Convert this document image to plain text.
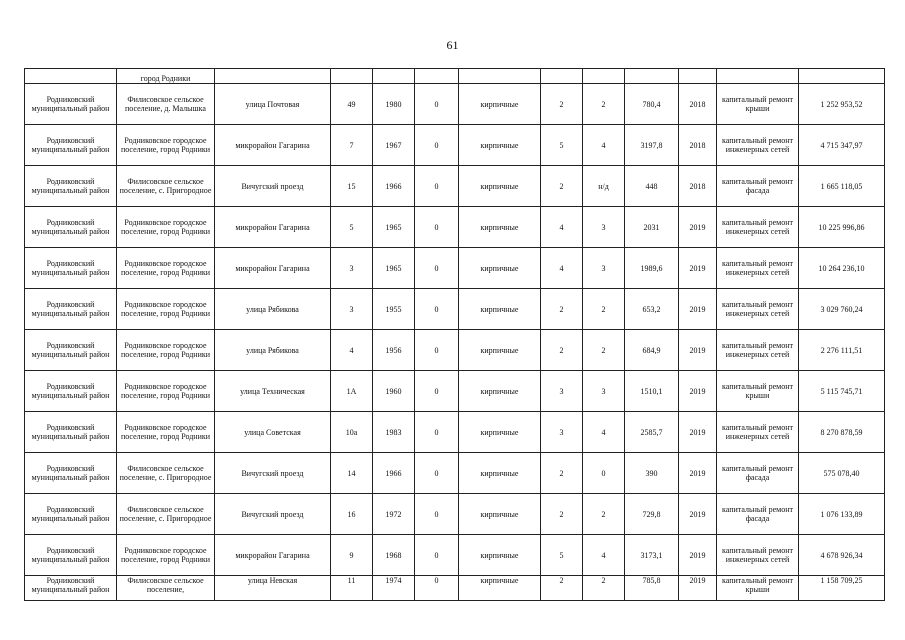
61
	город Родники											
Родниковский муниципальный район	Филисовское сельское поселение, д. Малышка	улица Почтовая	49	1980	0	кирпичные	2	2	780,4	2018	капитальный ремонт крыши	1 252 953,52
Родниковский муниципальный район	Родниковское городское поселение, город Родники	микрорайон Гагарина	7	1967	0	кирпичные	5	4	3197,8	2018	капитальный ремонт инженерных сетей	4 715 347,97
Родниковский муниципальный район	Филисовское сельское поселение, с. Пригородное	Вичугский проезд	15	1966	0	кирпичные	2	н/д	448	2018	капитальный ремонт фасада	1 665 118,05
Родниковский муниципальный район	Родниковское городское поселение, город Родники	микрорайон Гагарина	5	1965	0	кирпичные	4	3	2031	2019	капитальный ремонт инженерных сетей	10 225 996,86
Родниковский муниципальный район	Родниковское городское поселение, город Родники	микрорайон Гагарина	3	1965	0	кирпичные	4	3	1989,6	2019	капитальный ремонт инженерных сетей	10 264 236,10
Родниковский муниципальный район	Родниковское городское поселение, город Родники	улица Рябикова	3	1955	0	кирпичные	2	2	653,2	2019	капитальный ремонт инженерных сетей	3 029 760,24
Родниковский муниципальный район	Родниковское городское поселение, город Родники	улица Рябикова	4	1956	0	кирпичные	2	2	684,9	2019	капитальный ремонт инженерных сетей	2 276 111,51
Родниковский муниципальный район	Родниковское городское поселение, город Родники	улица Техническая	1А	1960	0	кирпичные	3	3	1510,1	2019	капитальный ремонт крыши	5 115 745,71
Родниковский муниципальный район	Родниковское городское поселение, город Родники	улица Советская	10а	1983	0	кирпичные	3	4	2585,7	2019	капитальный ремонт инженерных сетей	8 270 878,59
Родниковский муниципальный район	Филисовское сельское поселение, с. Пригородное	Вичугский проезд	14	1966	0	кирпичные	2	0	390	2019	капитальный ремонт фасада	575 078,40
Родниковский муниципальный район	Филисовское сельское поселение, с. Пригородное	Вичугский проезд	16	1972	0	кирпичные	2	2	729,8	2019	капитальный ремонт фасада	1 076 133,89
Родниковский муниципальный район	Родниковское городское поселение, город Родники	микрорайон Гагарина	9	1968	0	кирпичные	5	4	3173,1	2019	капитальный ремонт инженерных сетей	4 678 926,34
Родниковский муниципальный район	Филисовское сельское поселение,	улица Невская	11	1974	0	кирпичные	2	2	785,8	2019	капитальный ремонт крыши	1 158 709,25
